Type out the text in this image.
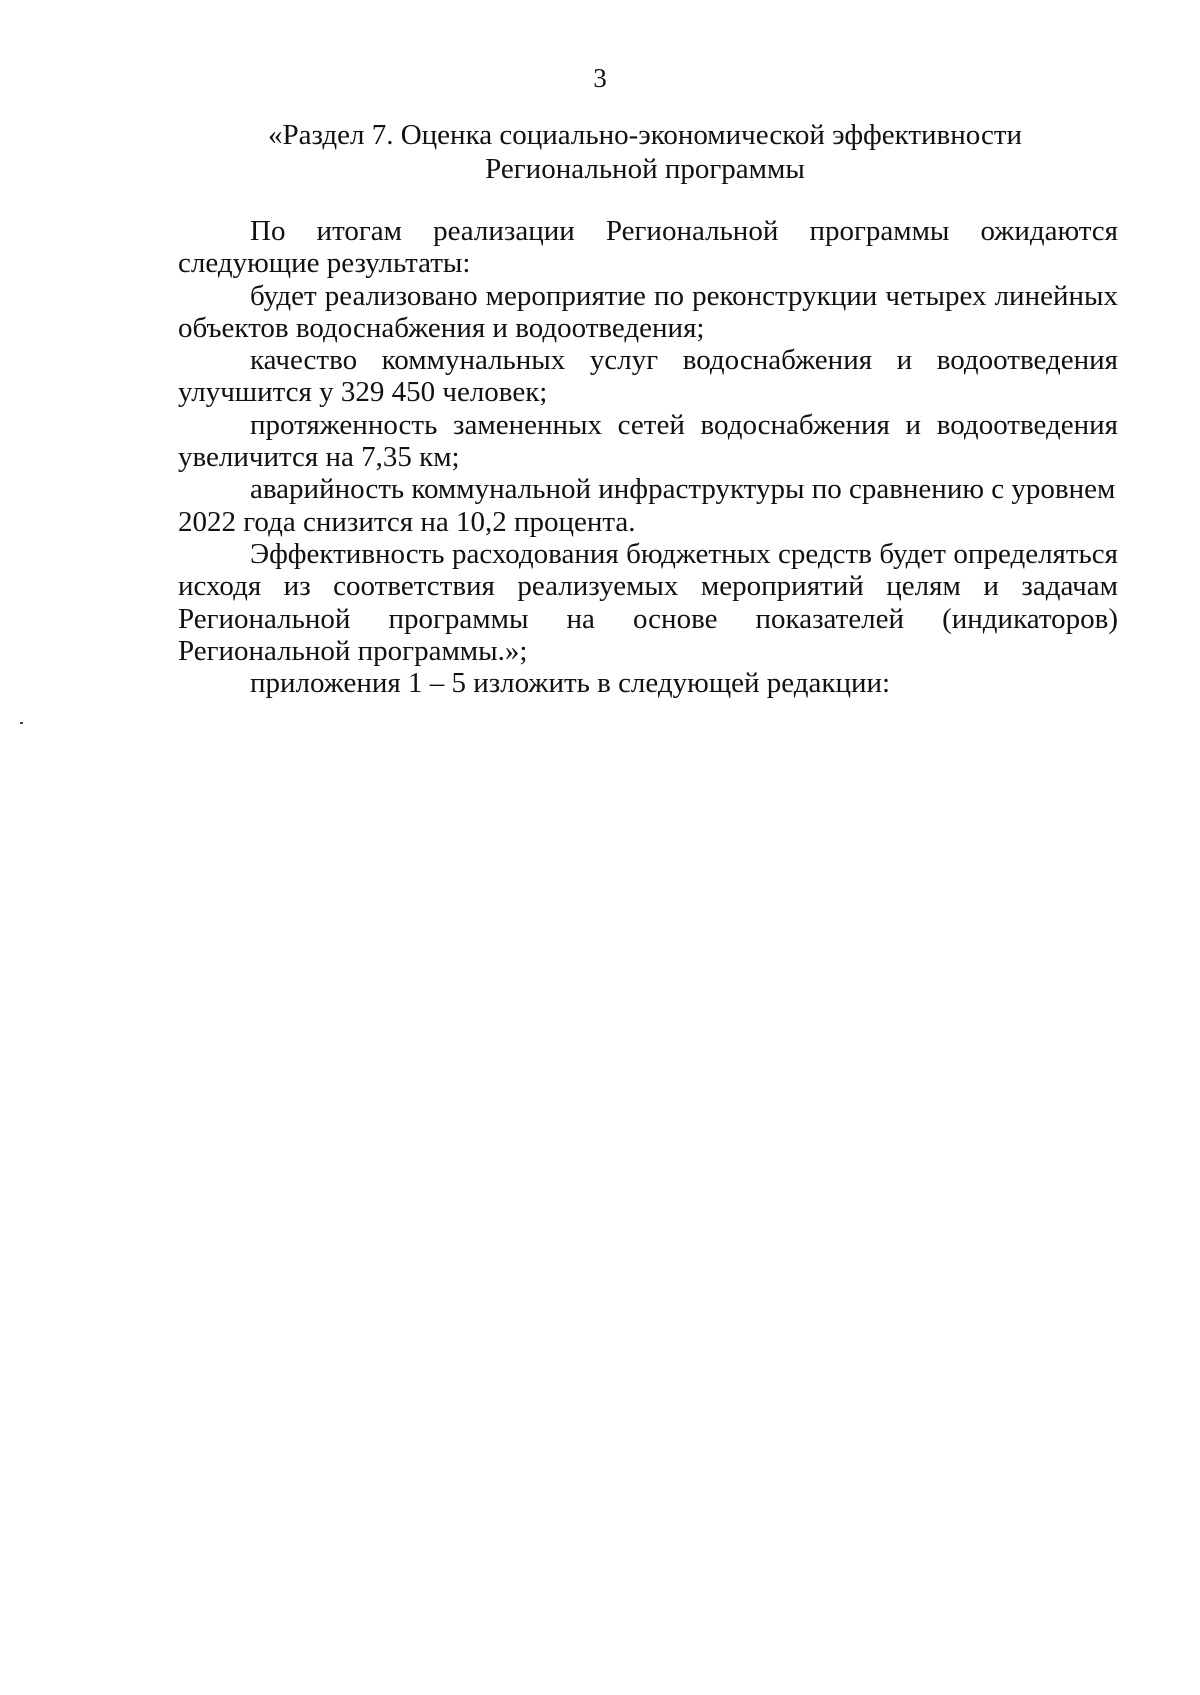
3
«Раздел 7. Оценка социально-экономической эффективности
Региональной программы

По итогам реализации Региональной программы ожидаются следующие результаты:

будет реализовано мероприятие по реконструкции четырех линейных объектов водоснабжения и водоотведения;

качество коммунальных услуг водоснабжения и водоотведения улучшится у 329 450 человек;

протяженность замененных сетей водоснабжения и водоотведения увеличится на 7,35 км;

аварийность коммунальной инфраструктуры по сравнению с уровнем 2022 года снизится на 10,2 процента.

Эффективность расходования бюджетных средств будет определяться исходя из соответствия реализуемых мероприятий целям и задачам Региональной программы на основе показателей (индикаторов) Региональной программы.»;

приложения 1 – 5 изложить в следующей редакции:
